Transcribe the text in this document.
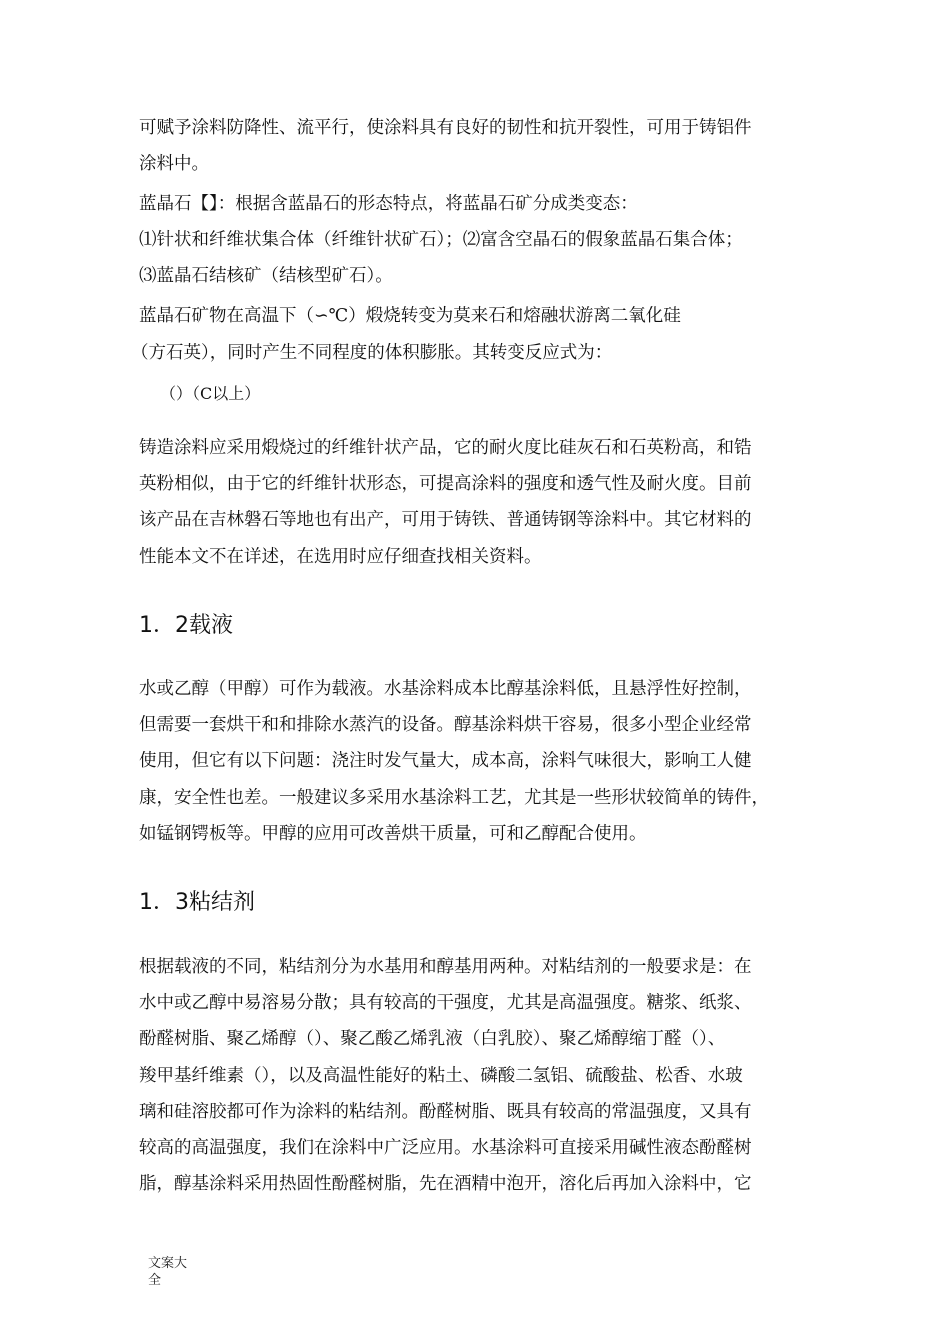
可赋予涂料防降性、流平行，使涂料具有良好的韧性和抗开裂性，可用于铸铝件
涂料中。
蓝晶石【】：根据含蓝晶石的形态特点，将蓝晶石矿分成类变态：
⑴针状和纤维状集合体（纤维针状矿石）；⑵富含空晶石的假象蓝晶石集合体；
⑶蓝晶石结核矿（结核型矿石）。
蓝晶石矿物在高温下（∽℃）煅烧转变为莫来石和熔融状游离二氧化硅
（方石英），同时产生不同程度的体积膨胀。其转变反应式为：
（）（C以上）
铸造涂料应采用煅烧过的纤维针状产品，它的耐火度比硅灰石和石英粉高，和锆
英粉相似，由于它的纤维针状形态，可提高涂料的强度和透气性及耐火度。目前
该产品在吉林磐石等地也有出产，可用于铸铁、普通铸钢等涂料中。其它材料的
性能本文不在详述，在选用时应仔细查找相关资料。
1．2载液
水或乙醇（甲醇）可作为载液。水基涂料成本比醇基涂料低，且悬浮性好控制，
但需要一套烘干和和排除水蒸汽的设备。醇基涂料烘干容易，很多小型企业经常
使用，但它有以下问题：浇注时发气量大，成本高，涂料气味很大，影响工人健
康，安全性也差。一般建议多采用水基涂料工艺，尤其是一些形状较简单的铸件，
如锰钢锷板等。甲醇的应用可改善烘干质量，可和乙醇配合使用。
1．3粘结剂
根据载液的不同，粘结剂分为水基用和醇基用两种。对粘结剂的一般要求是：在
水中或乙醇中易溶易分散；具有较高的干强度，尤其是高温强度。糖浆、纸浆、
酚醛树脂、聚乙烯醇（）、聚乙酸乙烯乳液（白乳胶）、聚乙烯醇缩丁醛（）、
羧甲基纤维素（），以及高温性能好的粘土、磷酸二氢铝、硫酸盐、松香、水玻
璃和硅溶胶都可作为涂料的粘结剂。酚醛树脂、既具有较高的常温强度，又具有
较高的高温强度，我们在涂料中广泛应用。水基涂料可直接采用碱性液态酚醛树
脂，醇基涂料采用热固性酚醛树脂，先在酒精中泡开，溶化后再加入涂料中，它
文案大
全
